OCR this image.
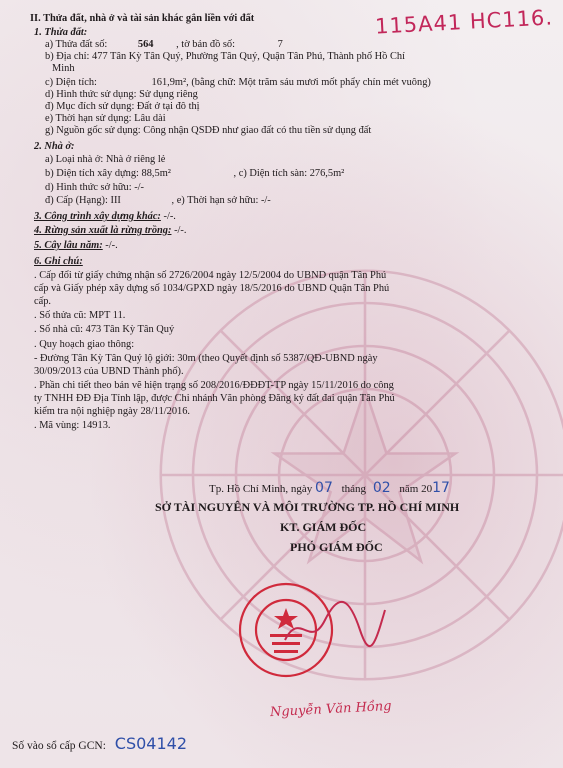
115A41 HC116.
II. Thửa đất, nhà ở và tài sản khác gắn liền với đất
1. Thửa đất:
a) Thửa đất số:	564 , tờ bản đồ số:	7
b) Địa chỉ: 477 Tân Kỳ Tân Quý, Phường Tân Quý, Quận Tân Phú, Thành phố Hồ Chí
Minh
c) Diện tích:	161,9m², (bằng chữ: Một trăm sáu mươi mốt phẩy chín mét vuông)
d) Hình thức sử dụng: Sử dụng riêng
đ) Mục đích sử dụng: Đất ở tại đô thị
e) Thời hạn sử dụng: Lâu dài
g) Nguồn gốc sử dụng: Công nhận QSDĐ như giao đất có thu tiền sử dụng đất
2. Nhà ở:
a) Loại nhà ở: Nhà ở riêng lẻ
b) Diện tích xây dựng: 88,5m²	, c) Diện tích sàn: 276,5m²
d) Hình thức sở hữu: -/-
đ) Cấp (Hạng): III	, e) Thời hạn sở hữu: -/-
3. Công trình xây dựng khác: -/-.
4. Rừng sản xuất là rừng trồng: -/-.
5. Cây lâu năm: -/-.
6. Ghi chú:
. Cấp đổi từ giấy chứng nhận số 2726/2004 ngày 12/5/2004 do UBND quận Tân Phú
cấp và Giấy phép xây dựng số 1034/GPXD ngày 18/5/2016 do UBND Quận Tân Phú
cấp.
. Số thửa cũ: MPT 11.
. Số nhà cũ: 473 Tân Kỳ Tân Quý
. Quy hoạch giao thông:
- Đường Tân Kỳ Tân Quý lộ giới: 30m (theo Quyết định số 5387/QĐ-UBND ngày
30/09/2013 của UBND Thành phố).
. Phần chi tiết theo bản vẽ hiện trạng số 208/2016/ĐĐĐT-TP ngày 15/11/2016 do công
ty TNHH ĐĐ Địa Tỉnh lập, được Chi nhánh Văn phòng Đăng ký đất đai quận Tân Phú
kiểm tra nội nghiệp ngày 28/11/2016.
. Mã vùng: 14913.
Tp. Hồ Chí Minh, ngày 07 tháng 02 năm 2017
SỞ TÀI NGUYÊN VÀ MÔI TRƯỜNG TP. HỒ CHÍ MINH
KT. GIÁM ĐỐC
PHÓ GIÁM ĐỐC
Nguyễn Văn Hồng
Số vào sổ cấp GCN: CS04142
